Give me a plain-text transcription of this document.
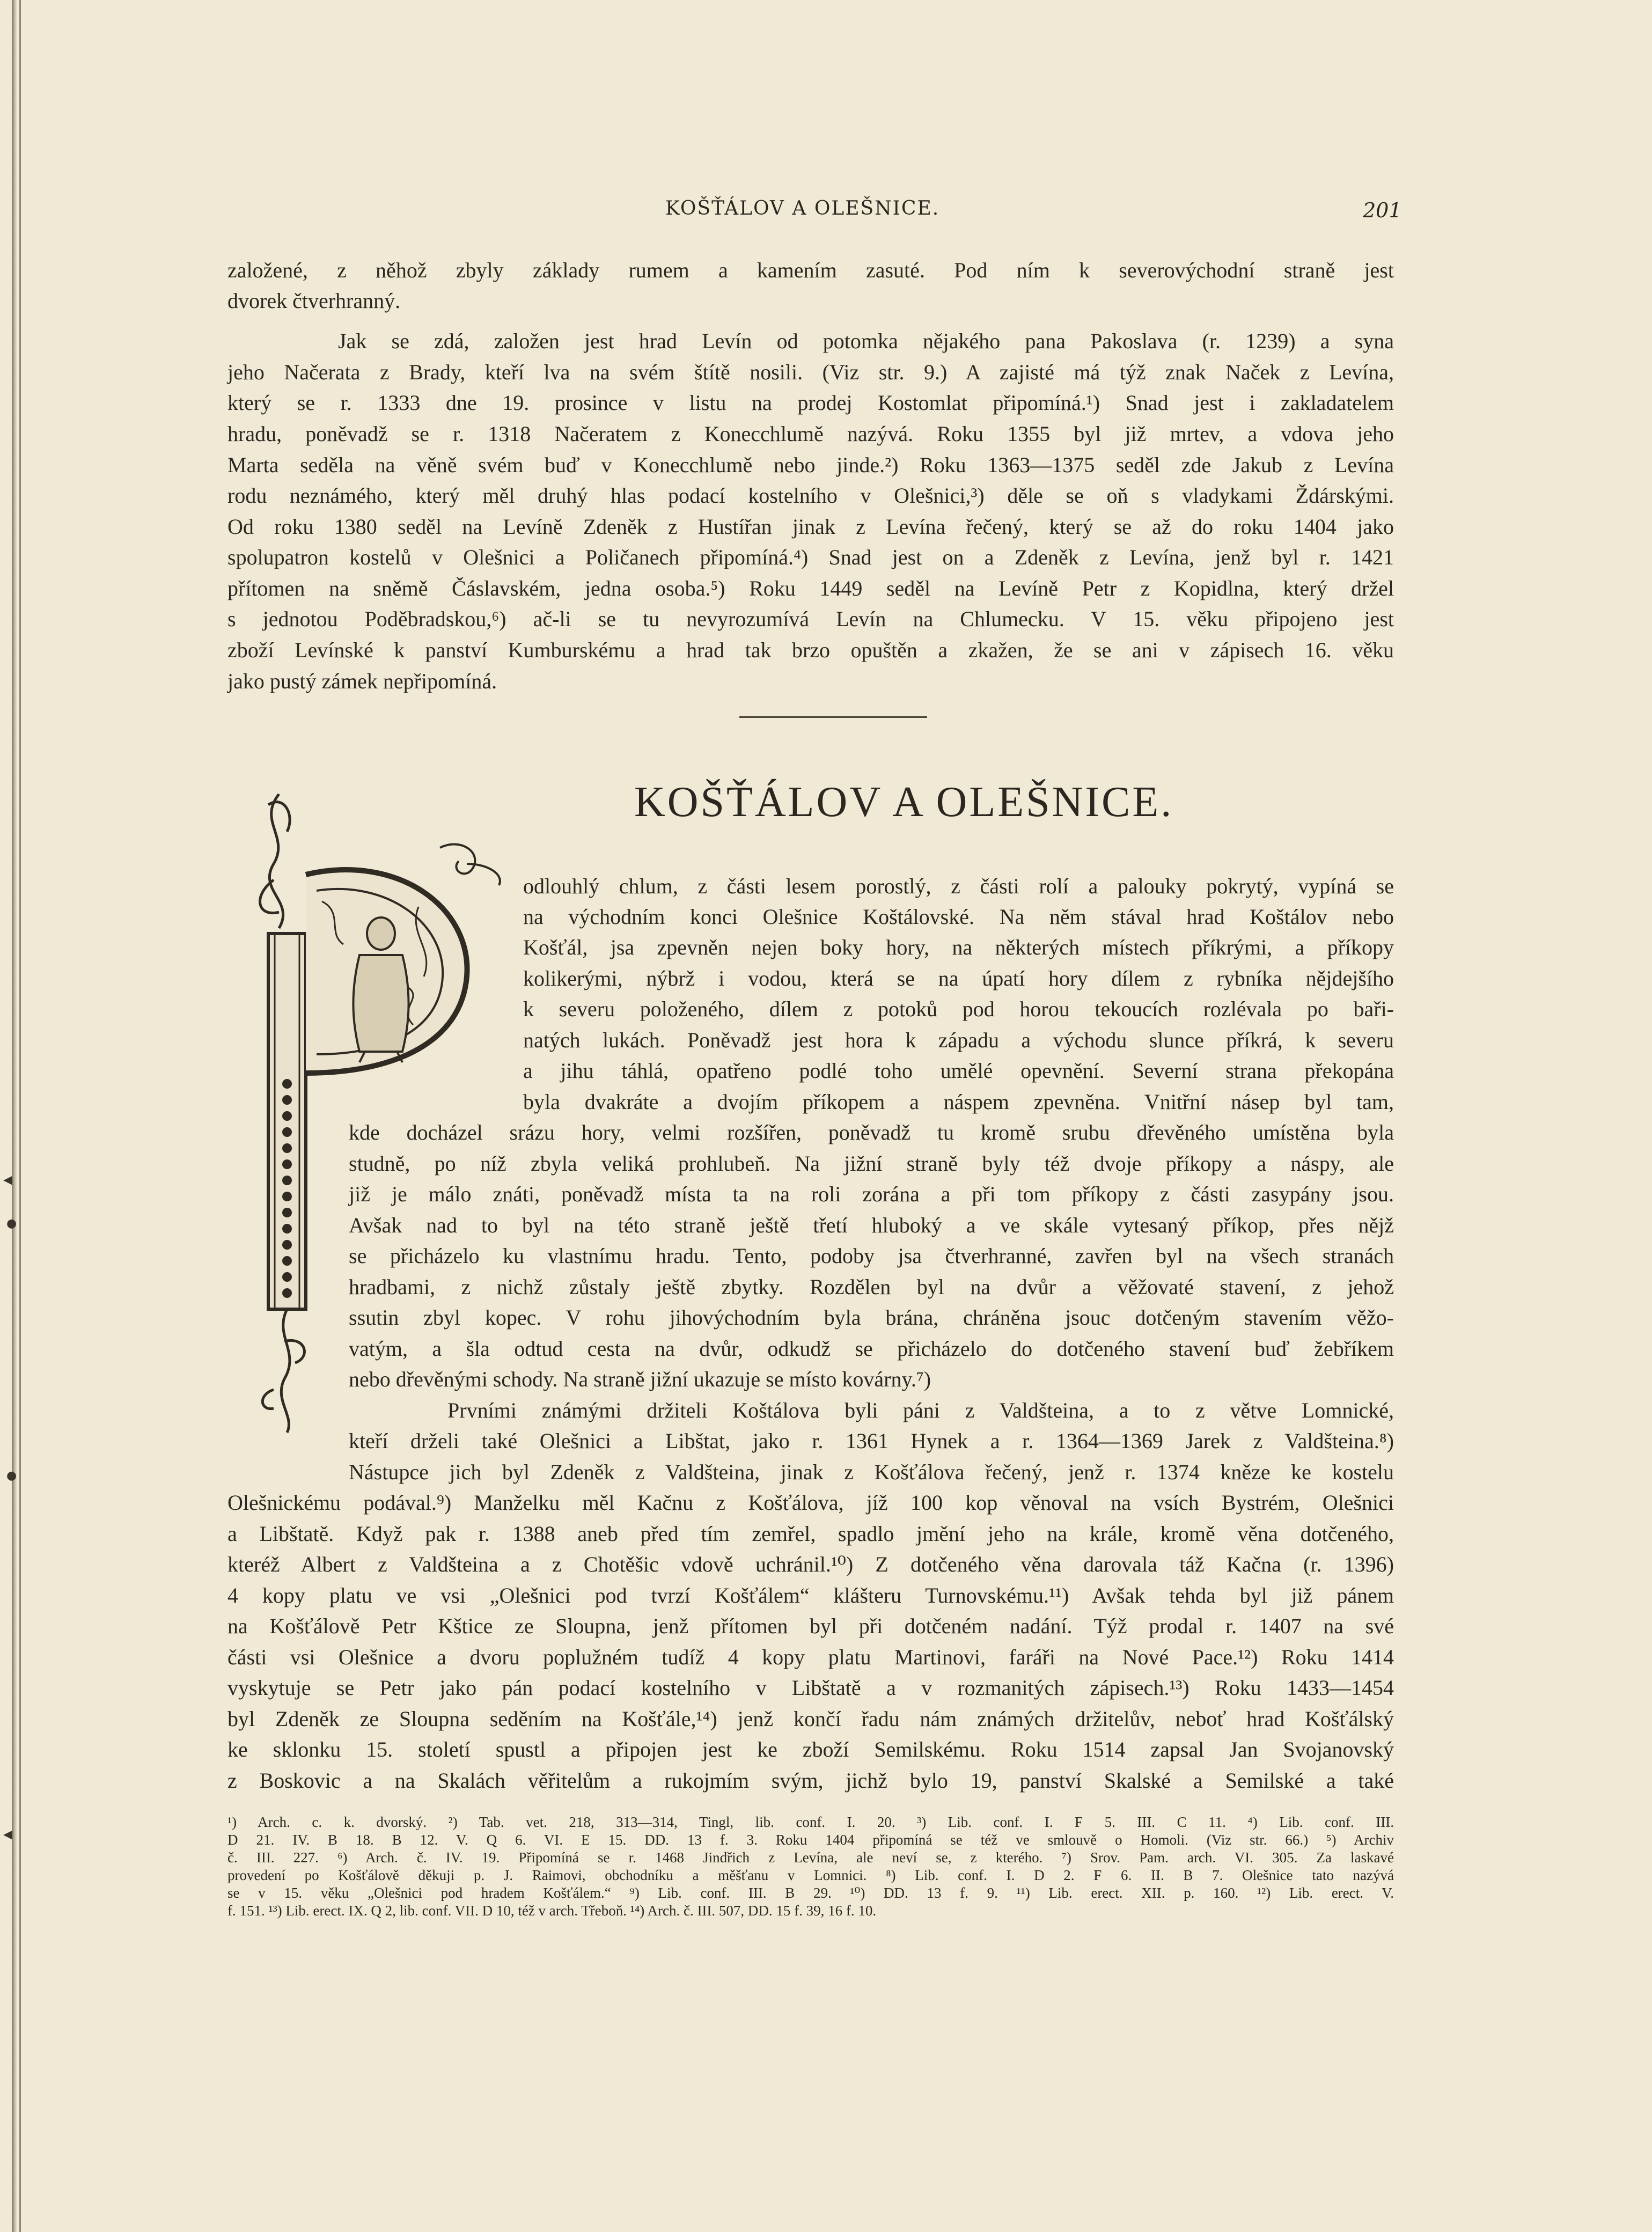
◂
●
●
◂
KOŠŤÁLOV A OLEŠNICE.	201
KOŠŤÁLOV A OLEŠNICE.

založené, z něhož zbyly základy rumem a kamením zasuté. Pod ním k severovýchodní straně jest

dvorek čtverhranný.

Jak se zdá, založen jest hrad Levín od potomka nějakého pana Pakoslava (r. 1239) a syna

jeho Načerata z Brady, kteří lva na svém štítě nosili. (Viz str. 9.) A zajisté má týž znak Naček z Levína,

který se r. 1333 dne 19. prosince v listu na prodej Kostomlat připomíná.¹) Snad jest i zakladatelem

hradu, poněvadž se r. 1318 Načeratem z Konecchlumě nazývá. Roku 1355 byl již mrtev, a vdova jeho

Marta seděla na věně svém buď v Konecchlumě nebo jinde.²) Roku 1363—1375 seděl zde Jakub z Levína

rodu neznámého, který měl druhý hlas podací kostelního v Olešnici,³) děle se oň s vladykami Ždárskými.

Od roku 1380 seděl na Levíně Zdeněk z Hustířan jinak z Levína řečený, který se až do roku 1404 jako

spolupatron kostelů v Olešnici a Poličanech připomíná.⁴) Snad jest on a Zdeněk z Levína, jenž byl r. 1421

přítomen na sněmě Čáslavském, jedna osoba.⁵) Roku 1449 seděl na Levíně Petr z Kopidlna, který držel

s jednotou Poděbradskou,⁶) ač-li se tu nevyrozumívá Levín na Chlumecku. V 15. věku připojeno jest

zboží Levínské k panství Kumburskému a hrad tak brzo opuštěn a zkažen, že se ani v zápisech 16. věku

jako pustý zámek nepřipomíná.

odlouhlý chlum, z části lesem porostlý, z části rolí a palouky pokrytý, vypíná se

na východním konci Olešnice Koštálovské. Na něm stával hrad Koštálov nebo

Košťál, jsa zpevněn nejen boky hory, na některých místech příkrými, a příkopy

kolikerými, nýbrž i vodou, která se na úpatí hory dílem z rybníka nějdejšího

k severu položeného, dílem z potoků pod horou tekoucích rozlévala po baři-

natých lukách. Poněvadž jest hora k západu a východu slunce příkrá, k severu

a jihu táhlá, opatřeno podlé toho umělé opevnění. Severní strana překopána

byla dvakráte a dvojím příkopem a náspem zpevněna. Vnitřní násep byl tam,

kde docházel srázu hory, velmi rozšířen, poněvadž tu kromě srubu dřevěného umístěna byla

studně, po níž zbyla veliká prohlubeň. Na jižní straně byly též dvoje příkopy a náspy, ale

již je málo znáti, poněvadž místa ta na roli zorána a při tom příkopy z části zasypány jsou.

Avšak nad to byl na této straně ještě třetí hluboký a ve skále vytesaný příkop, přes nějž

se přicházelo ku vlastnímu hradu. Tento, podoby jsa čtverhranné, zavřen byl na všech stranách

hradbami, z nichž zůstaly ještě zbytky. Rozdělen byl na dvůr a věžovaté stavení, z jehož

ssutin zbyl kopec. V rohu jihovýchodním byla brána, chráněna jsouc dotčeným stavením věžo-

vatým, a šla odtud cesta na dvůr, odkudž se přicházelo do dotčeného stavení buď žebříkem

nebo dřevěnými schody. Na straně jižní ukazuje se místo kovárny.⁷)

Prvními známými držiteli Koštálova byli páni z Valdšteina, a to z větve Lomnické,

kteří drželi také Olešnici a Libštat, jako r. 1361 Hynek a r. 1364—1369 Jarek z Valdšteina.⁸)

Nástupce jich byl Zdeněk z Valdšteina, jinak z Košťálova řečený, jenž r. 1374 kněze ke kostelu

Olešnickému podával.⁹) Manželku měl Kačnu z Košťálova, jíž 100 kop věnoval na vsích Bystrém, Olešnici

a Libštatě. Když pak r. 1388 aneb před tím zemřel, spadlo jmění jeho na krále, kromě věna dotčeného,

kteréž Albert z Valdšteina a z Chotěšic vdově uchránil.¹⁰) Z dotčeného věna darovala táž Kačna (r. 1396)

4 kopy platu ve vsi „Olešnici pod tvrzí Košťálem“ klášteru Turnovskému.¹¹) Avšak tehda byl již pánem

na Košťálově Petr Kštice ze Sloupna, jenž přítomen byl při dotčeném nadání. Týž prodal r. 1407 na své

části vsi Olešnice a dvoru poplužném tudíž 4 kopy platu Martinovi, faráři na Nové Pace.¹²) Roku 1414

vyskytuje se Petr jako pán podací kostelního v Libštatě a v rozmanitých zápisech.¹³) Roku 1433—1454

byl Zdeněk ze Sloupna seděním na Košťále,¹⁴) jenž končí řadu nám známých držitelův, neboť hrad Košťálský

ke sklonku 15. století spustl a připojen jest ke zboží Semilskému. Roku 1514 zapsal Jan Svojanovský

z Boskovic a na Skalách věřitelům a rukojmím svým, jichž bylo 19, panství Skalské a Semilské a také

¹) Arch. c. k. dvorský. ²) Tab. vet. 218, 313—314, Tingl, lib. conf. I. 20. ³) Lib. conf. I. F 5. III. C 11. ⁴) Lib. conf. III.

D 21. IV. B 18. B 12. V. Q 6. VI. E 15. DD. 13 f. 3. Roku 1404 připomíná se též ve smlouvě o Homoli. (Viz str. 66.) ⁵) Archiv

č. III. 227. ⁶) Arch. č. IV. 19. Připomíná se r. 1468 Jindřich z Levína, ale neví se, z kterého. ⁷) Srov. Pam. arch. VI. 305. Za laskavé

provedení po Košťálově děkuji p. J. Raimovi, obchodníku a měšťanu v Lomnici. ⁸) Lib. conf. I. D 2. F 6. II. B 7. Olešnice tato nazývá

se v 15. věku „Olešnici pod hradem Košťálem.“ ⁹) Lib. conf. III. B 29. ¹⁰) DD. 13 f. 9. ¹¹) Lib. erect. XII. p. 160. ¹²) Lib. erect. V.

f. 151. ¹³) Lib. erect. IX. Q 2, lib. conf. VII. D 10, též v arch. Třeboň. ¹⁴) Arch. č. III. 507, DD. 15 f. 39, 16 f. 10.
